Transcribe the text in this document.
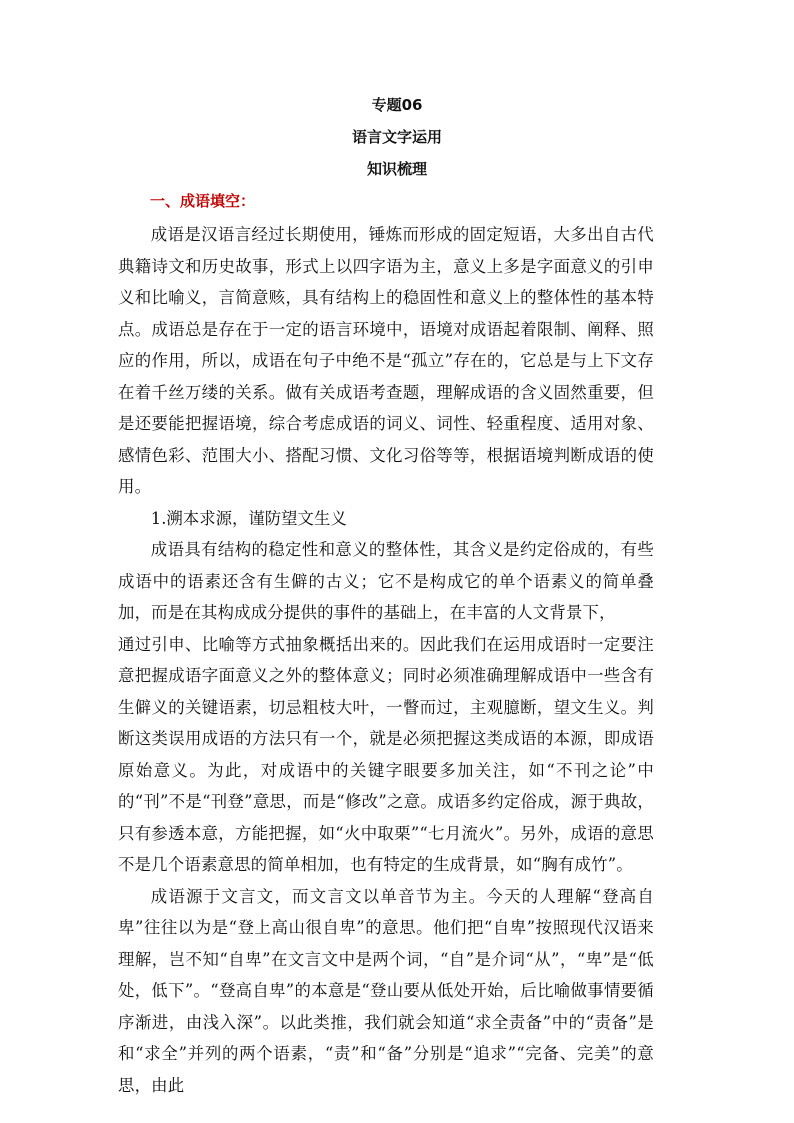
专题06
语言文字运用
知识梳理
一、成语填空：

成语是汉语言经过长期使用，锤炼而形成的固定短语，大多出自古代典籍诗文和历史故事，形式上以四字语为主，意义上多是字面意义的引申义和比喻义，言简意赅，具有结构上的稳固性和意义上的整体性的基本特点。成语总是存在于一定的语言环境中，语境对成语起着限制、阐释、照应的作用，所以，成语在句子中绝不是“孤立”存在的，它总是与上下文存在着千丝万缕的关系。做有关成语考查题，理解成语的含义固然重要，但是还要能把握语境，综合考虑成语的词义、词性、轻重程度、适用对象、感情色彩、范围大小、搭配习惯、文化习俗等等，根据语境判断成语的使用。

1.溯本求源，谨防望文生义

成语具有结构的稳定性和意义的整体性，其含义是约定俗成的，有些成语中的语素还含有生僻的古义；它不是构成它的单个语素义的简单叠加，而是在其构成成分提供的事件的基础上，在丰富的人文背景下，

通过引申、比喻等方式抽象概括出来的。因此我们在运用成语时一定要注意把握成语字面意义之外的整体意义；同时必须准确理解成语中一些含有生僻义的关键语素，切忌粗枝大叶，一瞥而过，主观臆断，望文生义。判断这类误用成语的方法只有一个，就是必须把握这类成语的本源，即成语原始意义。为此，对成语中的关键字眼要多加关注，如“不刊之论”中的“刊”不是“刊登”意思，而是“修改”之意。成语多约定俗成，源于典故，只有参透本意，方能把握，如“火中取栗”“七月流火”。另外，成语的意思不是几个语素意思的简单相加，也有特定的生成背景，如“胸有成竹”。

成语源于文言文，而文言文以单音节为主。今天的人理解“登高自卑”往往以为是“登上高山很自卑”的意思。他们把“自卑”按照现代汉语来理解，岂不知“自卑”在文言文中是两个词，“自”是介词“从”，“卑”是“低处，低下”。“登高自卑”的本意是“登山要从低处开始，后比喻做事情要循序渐进，由浅入深”。以此类推，我们就会知道“求全责备”中的“责备”是和“求全”并列的两个语素，“责”和“备”分别是“追求”“完备、完美”的意思，由此
